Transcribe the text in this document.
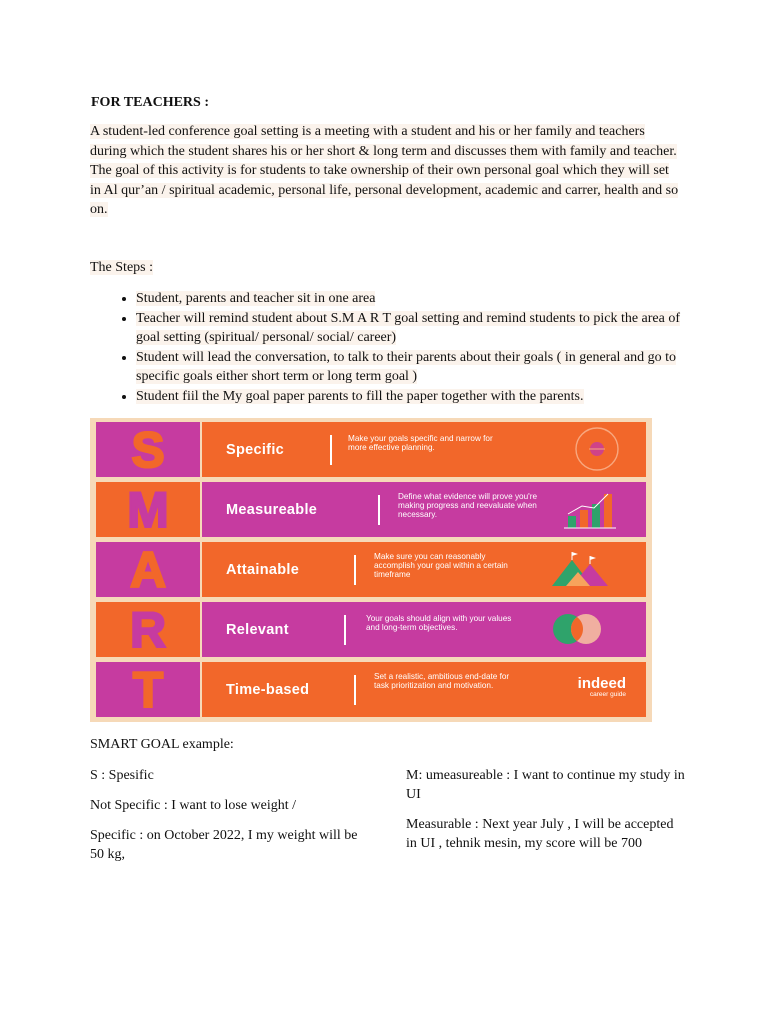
FOR TEACHERS :
A student-led conference goal setting is a meeting with a student and his or her family and teachers during which the student shares his or her short & long term and discusses them with family and teacher. The goal of this activity is for students to take ownership of their own personal goal which they will set in Al qur’an / spiritual academic, personal life, personal development, academic and carrer, health and so on.
The Steps :
• Student, parents and teacher sit in one area
• Teacher will remind student about S.M A R T goal setting and remind students to pick the area of goal setting (spiritual/ personal/ social/ career)
• Student will lead the conversation, to talk to their parents about their goals ( in general and go to specific goals either short term or long term goal )
• Student fiil the My goal paper parents to fill the paper together with the parents.
S	Specific
Make your goals specific and narrow for more effective planning.
M	Measureable
Define what evidence will prove you're making progress and reevaluate when necessary.
A	Attainable
Make sure you can reasonably accomplish your goal within a certain timeframe
R	Relevant
Your goals should align with your values and long-term objectives.
T	Time-based
Set a realistic, ambitious end-date for task prioritization and motivation.	indeed
career guide
SMART GOAL example:

S : Spesific

Not Specific : I want to lose weight /

Specific : on October 2022, I my weight will be 50 kg,

M: umeasureable : I want to continue my study in UI

Measurable : Next year July , I will be accepted in UI , tehnik mesin, my score will be 700
